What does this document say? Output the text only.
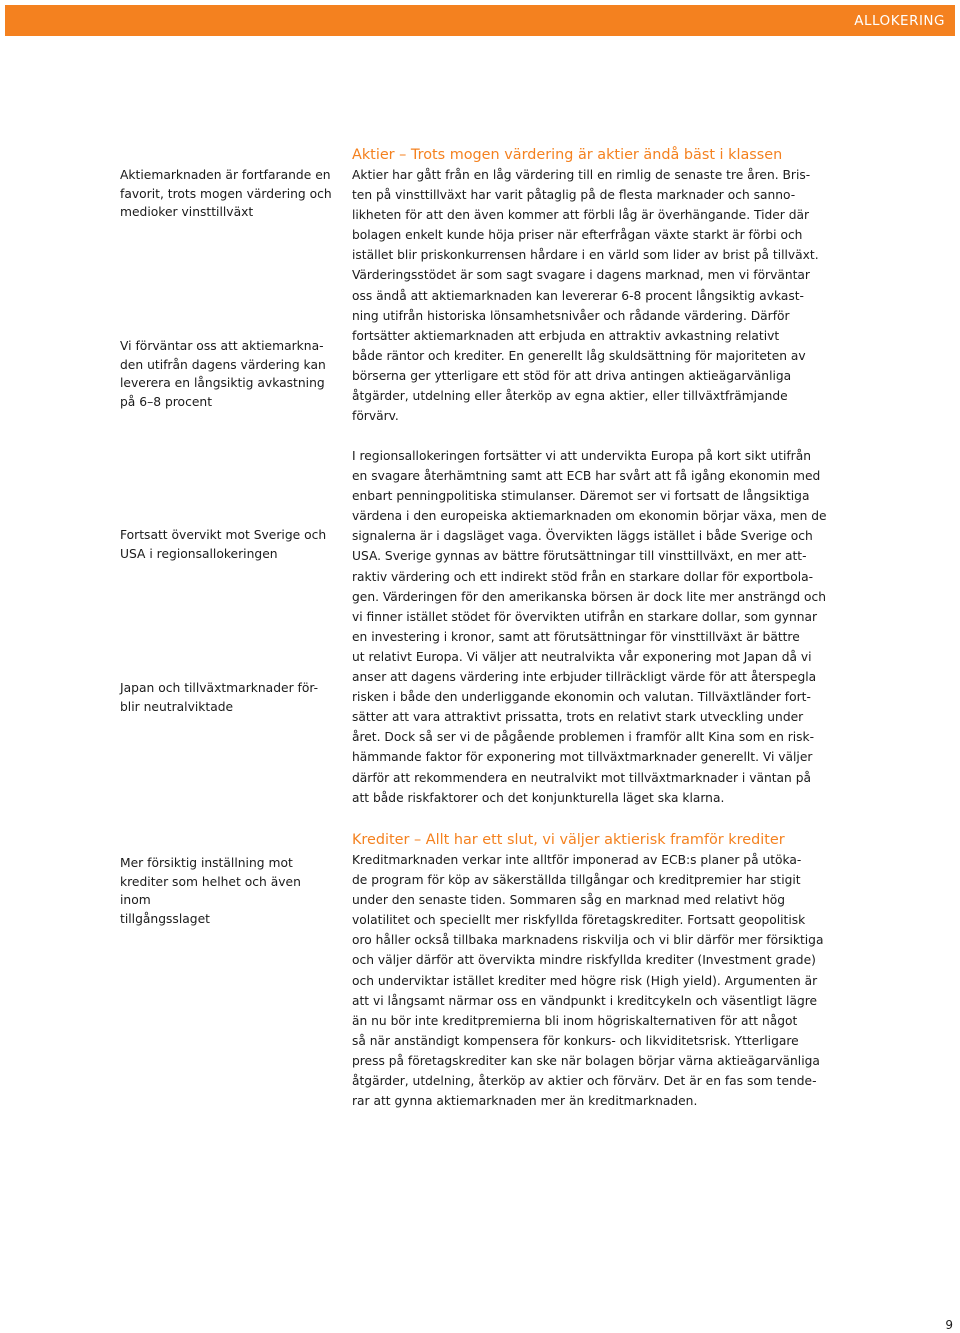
ALLOKERING

Aktiemarknaden är fortfarande en
favorit, trots mogen värdering och
medioker vinsttillväxt

Vi förväntar oss att aktiemarkna-
den utifrån dagens värdering kan
leverera en långsiktig avkastning
på 6–8 procent

Fortsatt övervikt mot Sverige och
USA i regionsallokeringen

Japan och tillväxtmarknader för-
blir neutralviktade

Mer försiktig inställning mot
krediter som helhet och även inom
tillgångsslaget

Aktier – Trots mogen värdering är aktier ändå bäst i klassen

Aktier har gått från en låg värdering till en rimlig de senaste tre åren. Bris-
ten på vinsttillväxt har varit påtaglig på de flesta marknader och sanno-
likheten för att den även kommer att förbli låg är överhängande. Tider där
bolagen enkelt kunde höja priser när efterfrågan växte starkt är förbi och
istället blir priskonkurrensen hårdare i en värld som lider av brist på tillväxt.
Värderingsstödet är som sagt svagare i dagens marknad, men vi förväntar
oss ändå att aktiemarknaden kan levererar 6-8 procent långsiktig avkast-
ning utifrån historiska lönsamhetsnivåer och rådande värdering. Därför
fortsätter aktiemarknaden att erbjuda en attraktiv avkastning relativt
både räntor och krediter. En generellt låg skuldsättning för majoriteten av
börserna ger ytterligare ett stöd för att driva antingen aktieägarvänliga
åtgärder, utdelning eller återköp av egna aktier, eller tillväxtfrämjande
förvärv.

I regionsallokeringen fortsätter vi att undervikta Europa på kort sikt utifrån
en svagare återhämtning samt att ECB har svårt att få igång ekonomin med
enbart penningpolitiska stimulanser. Däremot ser vi fortsatt de långsiktiga
värdena i den europeiska aktiemarknaden om ekonomin börjar växa, men de
signalerna är i dagsläget vaga. Övervikten läggs istället i både Sverige och
USA. Sverige gynnas av bättre förutsättningar till vinsttillväxt, en mer att-
raktiv värdering och ett indirekt stöd från en starkare dollar för exportbola-
gen. Värderingen för den amerikanska börsen är dock lite mer ansträngd och
vi finner istället stödet för övervikten utifrån en starkare dollar, som gynnar
en investering i kronor, samt att förutsättningar för vinsttillväxt är bättre
ut relativt Europa. Vi väljer att neutralvikta vår exponering mot Japan då vi
anser att dagens värdering inte erbjuder tillräckligt värde för att återspegla
risken i både den underliggande ekonomin och valutan. Tillväxtländer fort-
sätter att vara attraktivt prissatta, trots en relativt stark utveckling under
året. Dock så ser vi de pågående problemen i framför allt Kina som en risk-
hämmande faktor för exponering mot tillväxtmarknader generellt. Vi väljer
därför att rekommendera en neutralvikt mot tillväxtmarknader i väntan på
att både riskfaktorer och det konjunkturella läget ska klarna.

Krediter – Allt har ett slut, vi väljer aktierisk framför krediter

Kreditmarknaden verkar inte alltför imponerad av ECB:s planer på utöka-
de program för köp av säkerställda tillgångar och kreditpremier har stigit
under den senaste tiden. Sommaren såg en marknad med relativt hög
volatilitet och speciellt mer riskfyllda företagskrediter. Fortsatt geopolitisk
oro håller också tillbaka marknadens riskvilja och vi blir därför mer försiktiga
och väljer därför att övervikta mindre riskfyllda krediter (Investment grade)
och underviktar istället krediter med högre risk (High yield). Argumenten är
att vi långsamt närmar oss en vändpunkt i kreditcykeln och väsentligt lägre
än nu bör inte kreditpremierna bli inom högriskalternativen för att något
så när anständigt kompensera för konkurs- och likviditetsrisk. Ytterligare
press på företagskrediter kan ske när bolagen börjar värna aktieägarvänliga
åtgärder, utdelning, återköp av aktier och förvärv. Det är en fas som tende-
rar att gynna aktiemarknaden mer än kreditmarknaden.

9
